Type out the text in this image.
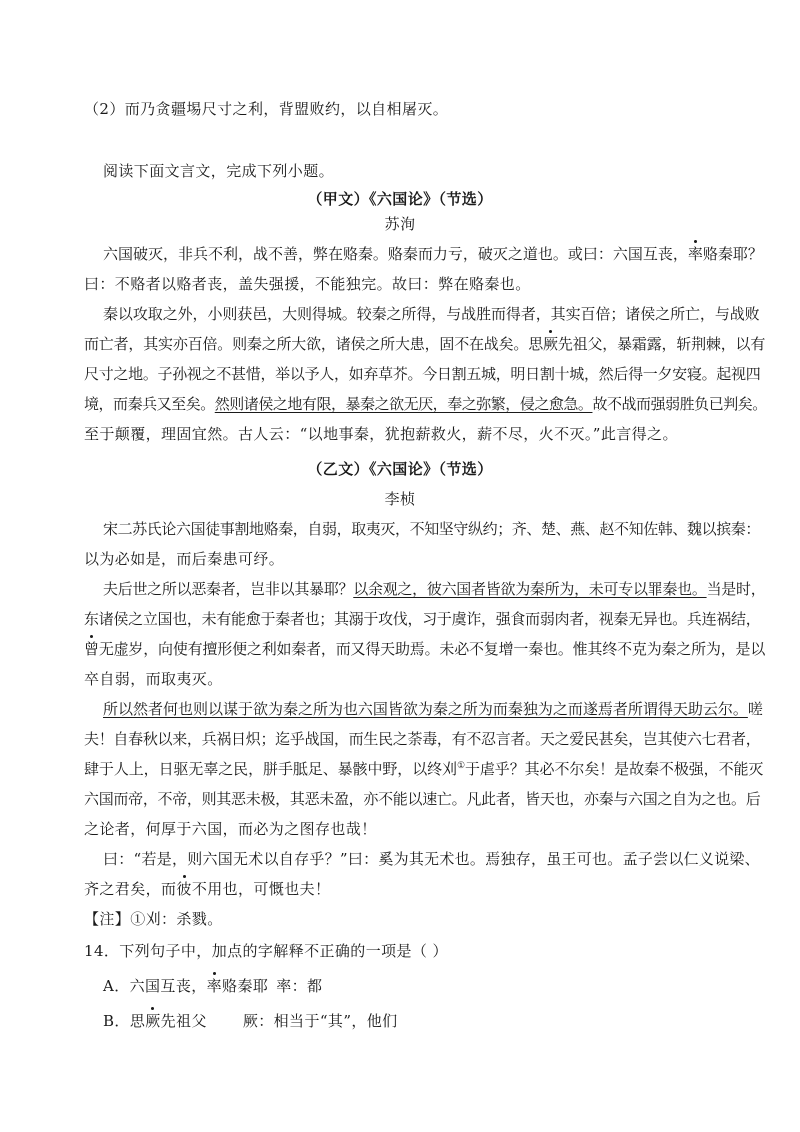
（2）而乃贪疆埸尺寸之利，背盟败约，以自相屠灭。
阅读下面文言文，完成下列小题。
（甲文）《六国论》（节选）
苏洵
六国破灭，非兵不利，战不善，弊在赂秦。赂秦而力亏，破灭之道也。或曰：六国互丧，率赂秦耶？
曰：不赂者以赂者丧，盖失强援，不能独完。故曰：弊在赂秦也。
秦以攻取之外，小则获邑，大则得城。较秦之所得，与战胜而得者，其实百倍；诸侯之所亡，与战败
而亡者，其实亦百倍。则秦之所大欲，诸侯之所大患，固不在战矣。思厥先祖父，暴霜露，斩荆棘，以有
尺寸之地。子孙视之不甚惜，举以予人，如弃草芥。今日割五城，明日割十城，然后得一夕安寝。起视四
境，而秦兵又至矣。然则诸侯之地有限，暴秦之欲无厌，奉之弥繁，侵之愈急。故不战而强弱胜负已判矣。
至于颠覆，理固宜然。古人云：“以地事秦，犹抱薪救火，薪不尽，火不灭。”此言得之。
（乙文）《六国论》（节选）
李桢
宋二苏氏论六国徒事割地赂秦，自弱，取夷灭，不知坚守纵约；齐、楚、燕、赵不知佐韩、魏以摈秦：
以为必如是，而后秦患可纾。
夫后世之所以恶秦者，岂非以其暴耶？以余观之，彼六国者皆欲为秦所为，未可专以罪秦也。当是时，
东诸侯之立国也，未有能愈于秦者也；其溺于攻伐，习于虞诈，强食而弱肉者，视秦无异也。兵连祸结，
曾无虚岁，向使有擅形便之利如秦者，而又得天助焉。未必不复增一秦也。惟其终不克为秦之所为，是以
卒自弱，而取夷灭。
所以然者何也则以谋于欲为秦之所为也六国皆欲为秦之所为而秦独为之而遂焉者所谓得天助云尔。嗟
夫！自春秋以来，兵祸日炽；迄乎战国，而生民之荼毒，有不忍言者。天之爱民甚矣，岂其使六七君者，
肆于人上，日驱无辜之民，胼手胝足、暴骸中野，以终刈①于虐乎？其必不尔矣！是故秦不极强，不能灭
六国而帝，不帝，则其恶未极，其恶未盈，亦不能以速亡。凡此者，皆天也，亦秦与六国之自为之也。后
之论者，何厚于六国，而必为之图存也哉！
曰：“若是，则六国无术以自存乎？”曰：奚为其无术也。焉独存，虽王可也。孟子尝以仁义说梁、
齐之君矣，而彼不用也，可慨也夫！
【注】①刈：杀戮。
14．下列句子中，加点的字解释不正确的一项是（ ）
A．六国互丧，率赂秦耶 率：都
B．思厥先祖父 厥：相当于“其”，他们
